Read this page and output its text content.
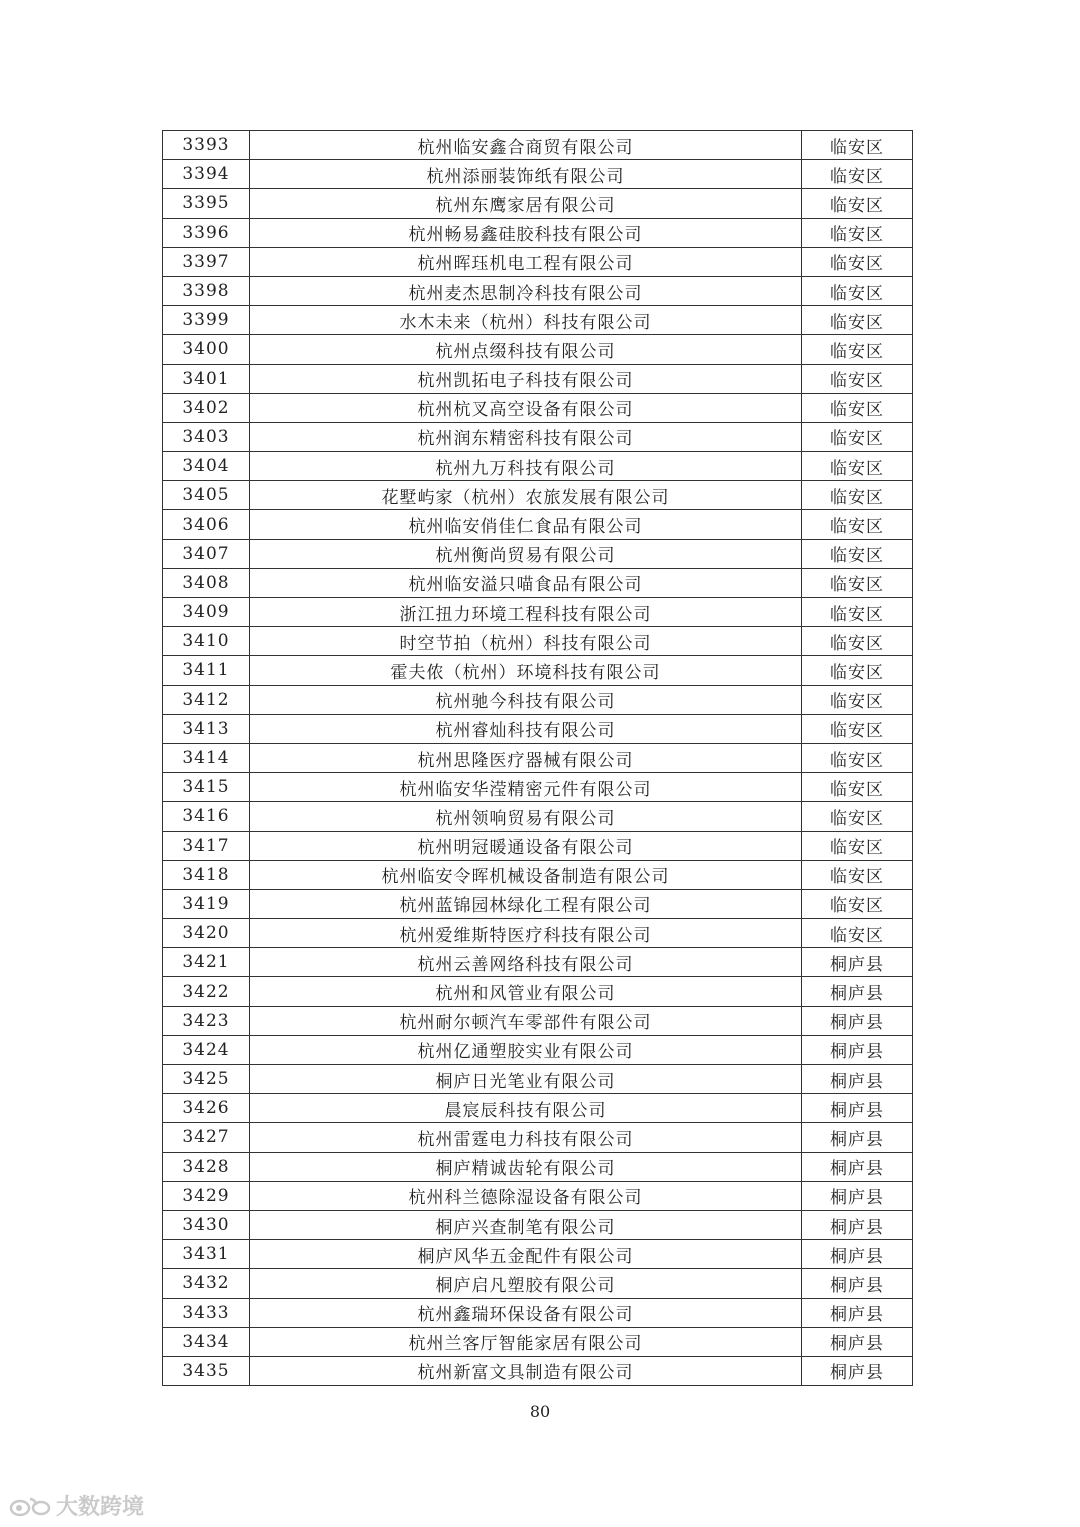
3393	杭州临安鑫合商贸有限公司	临安区
3394	杭州添丽装饰纸有限公司	临安区
3395	杭州东鹰家居有限公司	临安区
3396	杭州畅易鑫硅胶科技有限公司	临安区
3397	杭州晖珏机电工程有限公司	临安区
3398	杭州麦杰思制冷科技有限公司	临安区
3399	水木未来（杭州）科技有限公司	临安区
3400	杭州点缀科技有限公司	临安区
3401	杭州凯拓电子科技有限公司	临安区
3402	杭州杭叉高空设备有限公司	临安区
3403	杭州润东精密科技有限公司	临安区
3404	杭州九万科技有限公司	临安区
3405	花墅屿家（杭州）农旅发展有限公司	临安区
3406	杭州临安俏佳仁食品有限公司	临安区
3407	杭州衡尚贸易有限公司	临安区
3408	杭州临安溢只喵食品有限公司	临安区
3409	浙江扭力环境工程科技有限公司	临安区
3410	时空节拍（杭州）科技有限公司	临安区
3411	霍夫侬（杭州）环境科技有限公司	临安区
3412	杭州驰今科技有限公司	临安区
3413	杭州睿灿科技有限公司	临安区
3414	杭州思隆医疗器械有限公司	临安区
3415	杭州临安华滢精密元件有限公司	临安区
3416	杭州领响贸易有限公司	临安区
3417	杭州明冠暖通设备有限公司	临安区
3418	杭州临安令晖机械设备制造有限公司	临安区
3419	杭州蓝锦园林绿化工程有限公司	临安区
3420	杭州爱维斯特医疗科技有限公司	临安区
3421	杭州云善网络科技有限公司	桐庐县
3422	杭州和风管业有限公司	桐庐县
3423	杭州耐尔顿汽车零部件有限公司	桐庐县
3424	杭州亿通塑胶实业有限公司	桐庐县
3425	桐庐日光笔业有限公司	桐庐县
3426	晨宸辰科技有限公司	桐庐县
3427	杭州雷霆电力科技有限公司	桐庐县
3428	桐庐精诚齿轮有限公司	桐庐县
3429	杭州科兰德除湿设备有限公司	桐庐县
3430	桐庐兴查制笔有限公司	桐庐县
3431	桐庐风华五金配件有限公司	桐庐县
3432	桐庐启凡塑胶有限公司	桐庐县
3433	杭州鑫瑞环保设备有限公司	桐庐县
3434	杭州兰客厅智能家居有限公司	桐庐县
3435	杭州新富文具制造有限公司	桐庐县
80
大数跨境
